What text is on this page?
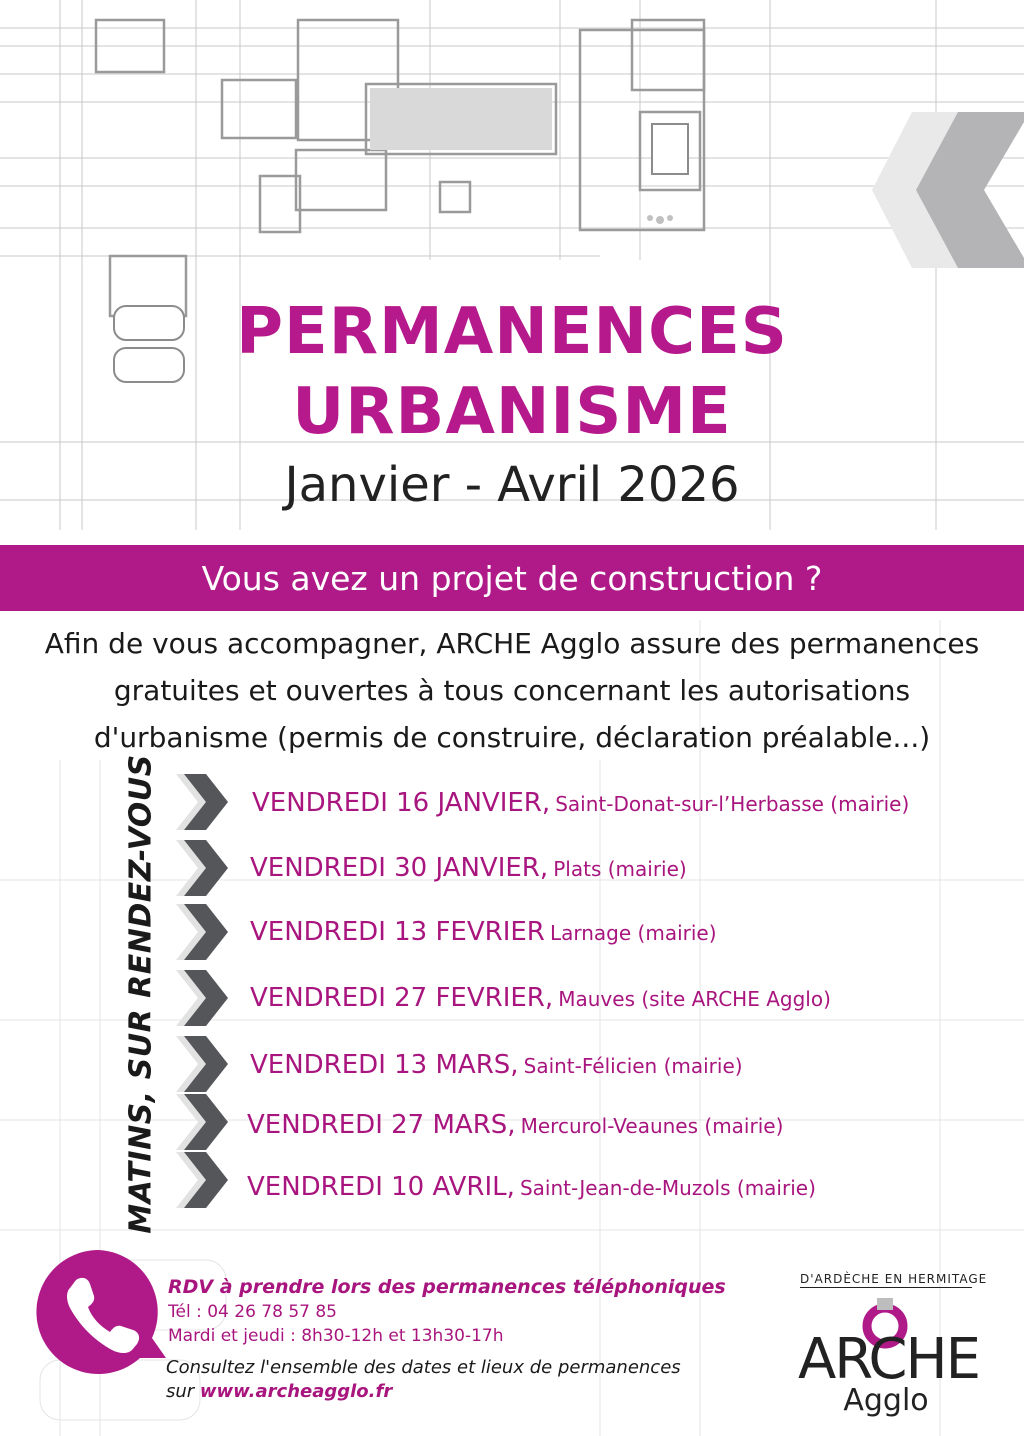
PERMANENCES
URBANISME
Janvier - Avril 2026
Vous avez un projet de construction ?
Afin de vous accompagner, ARCHE Agglo assure des permanences
gratuites et ouvertes à tous concernant les autorisations
d'urbanisme (permis de construire, déclaration préalable...)
MATINS, SUR RENDEZ-VOUS	VENDREDI 16 JANVIER, Saint-Donat-sur-l’Herbasse (mairie)
VENDREDI 30 JANVIER, Plats (mairie)
VENDREDI 13 FEVRIER Larnage (mairie)
VENDREDI 27 FEVRIER, Mauves (site ARCHE Agglo)
VENDREDI 13 MARS, Saint-Félicien (mairie)
VENDREDI 27 MARS, Mercurol-Veaunes (mairie)
VENDREDI 10 AVRIL, Saint-Jean-de-Muzols (mairie)
RDV à prendre lors des permanences téléphoniques
Tél : 04 26 78 57 85
Mardi et jeudi : 8h30-12h et 13h30-17h
Consultez l'ensemble des dates et lieux de permanences
sur www.archeagglo.fr
D'ARDÈCHE EN HERMITAGE
ARCHE
Agglo
